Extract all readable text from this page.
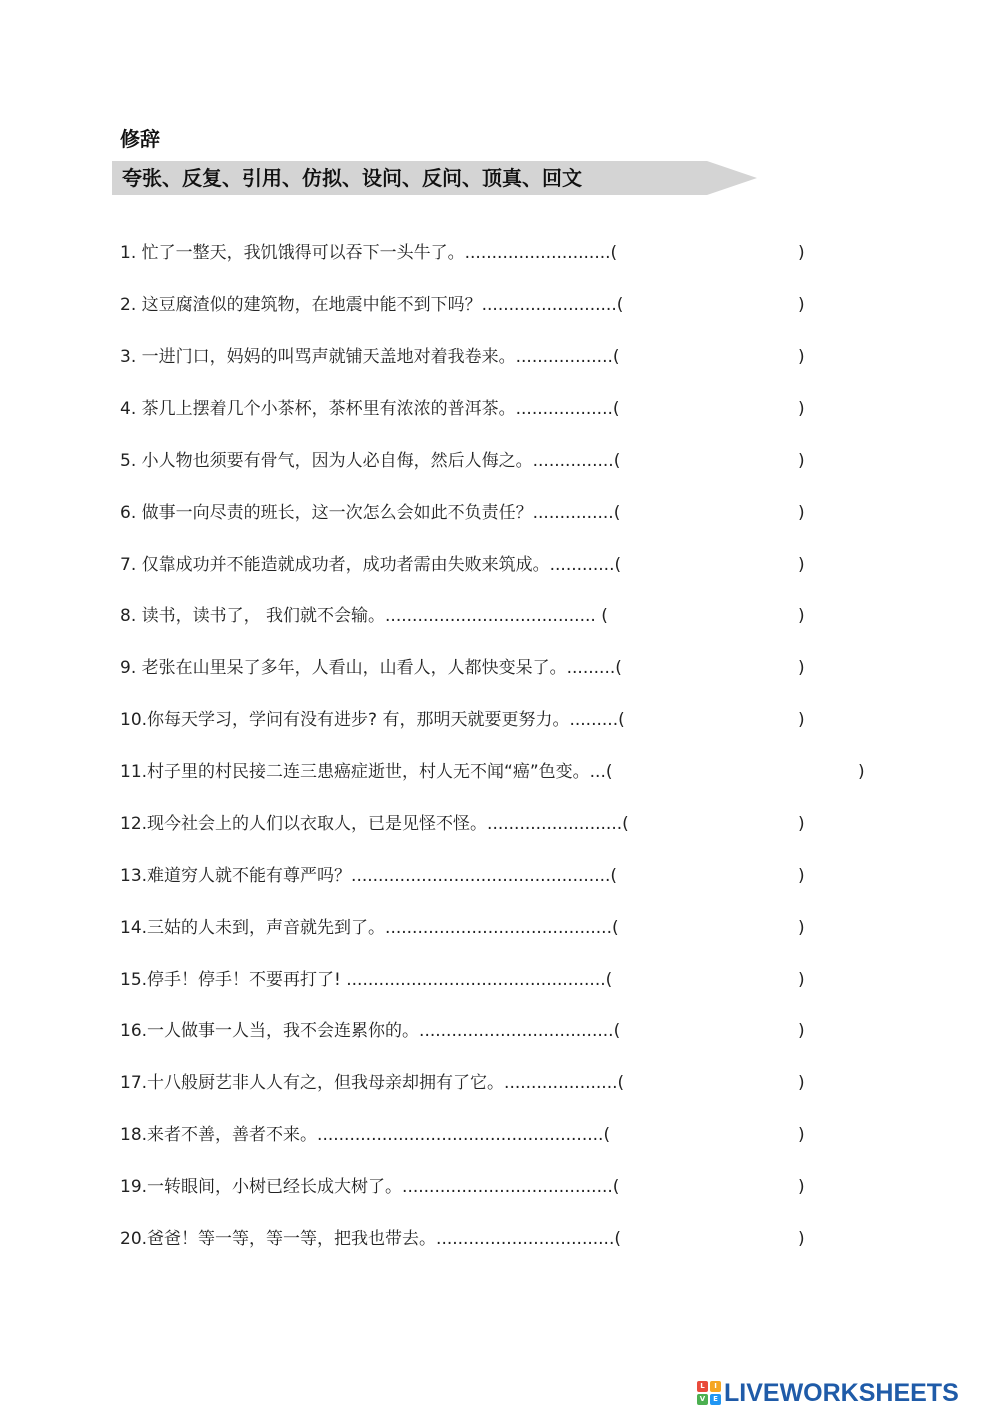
修辞
夸张、反复、引用、仿拟、设问、反问、顶真、回文
1. 忙了一整天，我饥饿得可以吞下一头牛了。...........................(	)
2. 这豆腐渣似的建筑物，在地震中能不到下吗？.........................(	)
3. 一进门口，妈妈的叫骂声就铺天盖地对着我卷来。..................(	)
4. 茶几上摆着几个小茶杯，茶杯里有浓浓的普洱茶。..................(	)
5. 小人物也须要有骨气，因为人必自侮，然后人侮之。...............(	)
6. 做事一向尽责的班长，这一次怎么会如此不负责任？...............(	)
7. 仅靠成功并不能造就成功者，成功者需由失败来筑成。............(	)
8. 读书，读书了， 我们就不会输。....................................... (	)
9. 老张在山里呆了多年，人看山，山看人，人都快变呆了。.........(	)
10.你每天学习，学问有没有进步? 有，那明天就要更努力。.........(	)
11.村子里的村民接二连三患癌症逝世，村人无不闻“癌”色变。...(	)
12.现今社会上的人们以衣取人，已是见怪不怪。.........................(	)
13.难道穷人就不能有尊严吗？................................................(	)
14.三姑的人未到，声音就先到了。..........................................(	)
15.停手！停手！不要再打了! ................................................(	)
16.一人做事一人当，我不会连累你的。....................................(	)
17.十八般厨艺非人人有之，但我母亲却拥有了它。.....................(	)
18.来者不善，善者不来。.....................................................(	)
19.一转眼间，小树已经长成大树了。.......................................(	)
20.爸爸！等一等，等一等，把我也带去。.................................(	)
L	I
V	E LIVEWORKSHEETS
